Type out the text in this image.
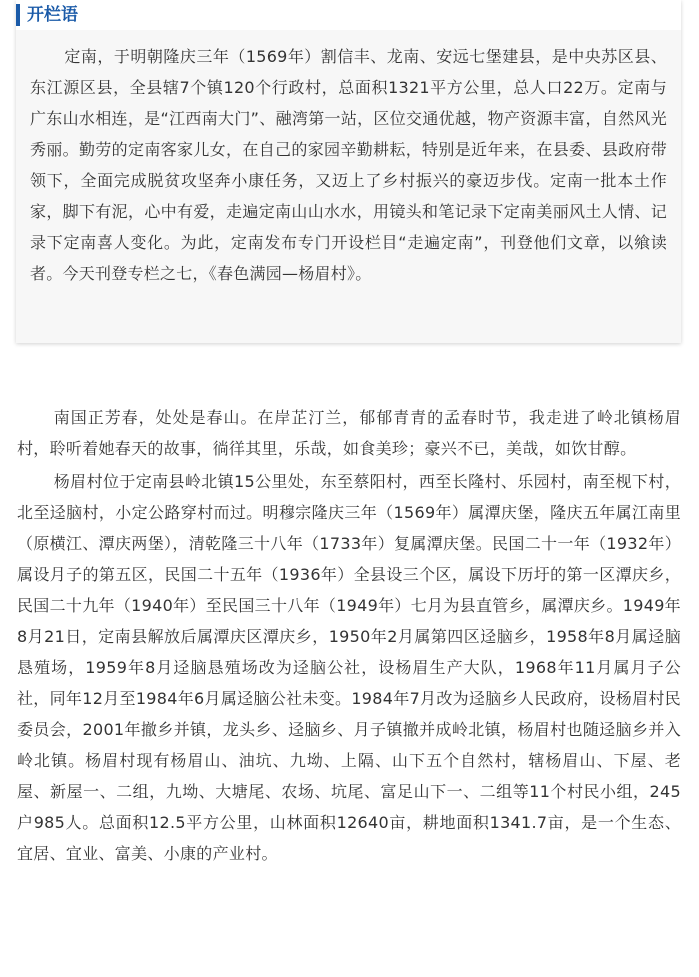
开栏语

定南，于明朝隆庆三年（1569年）割信丰、龙南、安远七堡建县，是中央苏区县、东江源区县，全县辖7个镇120个行政村，总面积1321平方公里，总人口22万。定南与广东山水相连，是“江西南大门”、融湾第一站，区位交通优越，物产资源丰富，自然风光秀丽。勤劳的定南客家儿女，在自己的家园辛勤耕耘，特别是近年来，在县委、县政府带领下，全面完成脱贫攻坚奔小康任务，又迈上了乡村振兴的豪迈步伐。定南一批本土作家，脚下有泥，心中有爱，走遍定南山山水水，用镜头和笔记录下定南美丽风土人情、记录下定南喜人变化。为此，定南发布专门开设栏目“走遍定南”，刊登他们文章，以飨读者。今天刊登专栏之七，《春色满园—杨眉村》。

南国正芳春，处处是春山。在岸芷汀兰，郁郁青青的孟春时节，我走进了岭北镇杨眉村，聆听着她春天的故事，徜徉其里，乐哉，如食美珍；豪兴不已，美哉，如饮甘醇。

杨眉村位于定南县岭北镇15公里处，东至蔡阳村，西至长隆村、乐园村，南至枧下村，北至迳脑村，小定公路穿村而过。明穆宗隆庆三年（1569年）属潭庆堡，隆庆五年属江南里（原横江、潭庆两堡），清乾隆三十八年（1733年）复属潭庆堡。民国二十一年（1932年）属设月子的第五区，民国二十五年（1936年）全县设三个区，属设下历圩的第一区潭庆乡，民国二十九年（1940年）至民国三十八年（1949年）七月为县直管乡，属潭庆乡。1949年8月21日，定南县解放后属潭庆区潭庆乡，1950年2月属第四区迳脑乡，1958年8月属迳脑恳殖场，1959年8月迳脑恳殖场改为迳脑公社，设杨眉生产大队，1968年11月属月子公社，同年12月至1984年6月属迳脑公社未变。1984年7月改为迳脑乡人民政府，设杨眉村民委员会，2001年撤乡并镇，龙头乡、迳脑乡、月子镇撤并成岭北镇，杨眉村也随迳脑乡并入岭北镇。杨眉村现有杨眉山、油坑、九坳、上隔、山下五个自然村，辖杨眉山、下屋、老屋、新屋一、二组，九坳、大塘尾、农场、坑尾、富足山下一、二组等11个村民小组，245户985人。总面积12.5平方公里，山林面积12640亩，耕地面积1341.7亩，是一个生态、宜居、宜业、富美、小康的产业村。
